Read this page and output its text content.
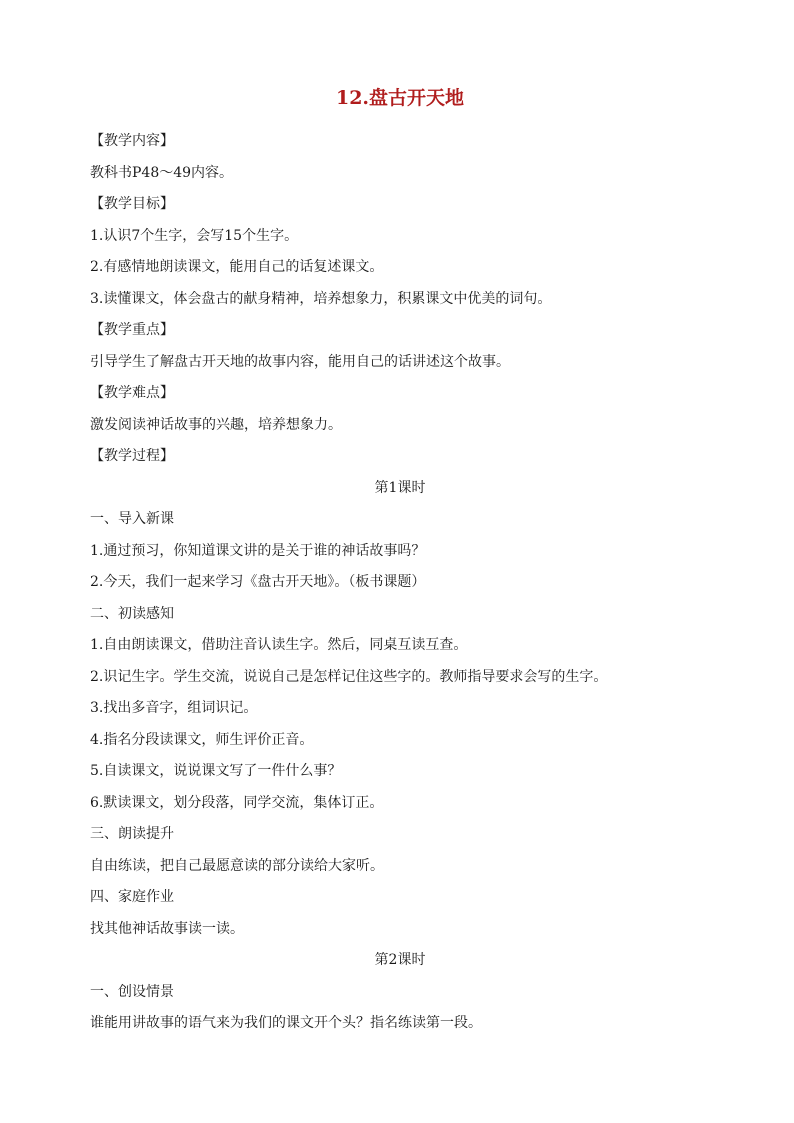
12.盘古开天地
【教学内容】
教科书P48～49内容。
【教学目标】
1.认识7个生字，会写15个生字。
2.有感情地朗读课文，能用自己的话复述课文。
3.读懂课文，体会盘古的献身精神，培养想象力，积累课文中优美的词句。
【教学重点】
引导学生了解盘古开天地的故事内容，能用自己的话讲述这个故事。
【教学难点】
激发阅读神话故事的兴趣，培养想象力。
【教学过程】
第1课时
一、导入新课
1.通过预习，你知道课文讲的是关于谁的神话故事吗？
2.今天，我们一起来学习《盘古开天地》。（板书课题）
二、初读感知
1.自由朗读课文，借助注音认读生字。然后，同桌互读互查。
2.识记生字。学生交流，说说自己是怎样记住这些字的。教师指导要求会写的生字。
3.找出多音字，组词识记。
4.指名分段读课文，师生评价正音。
5.自读课文，说说课文写了一件什么事？
6.默读课文，划分段落，同学交流，集体订正。
三、朗读提升
自由练读，把自己最愿意读的部分读给大家听。
四、家庭作业
找其他神话故事读一读。
第2课时
一、创设情景
谁能用讲故事的语气来为我们的课文开个头？指名练读第一段。
